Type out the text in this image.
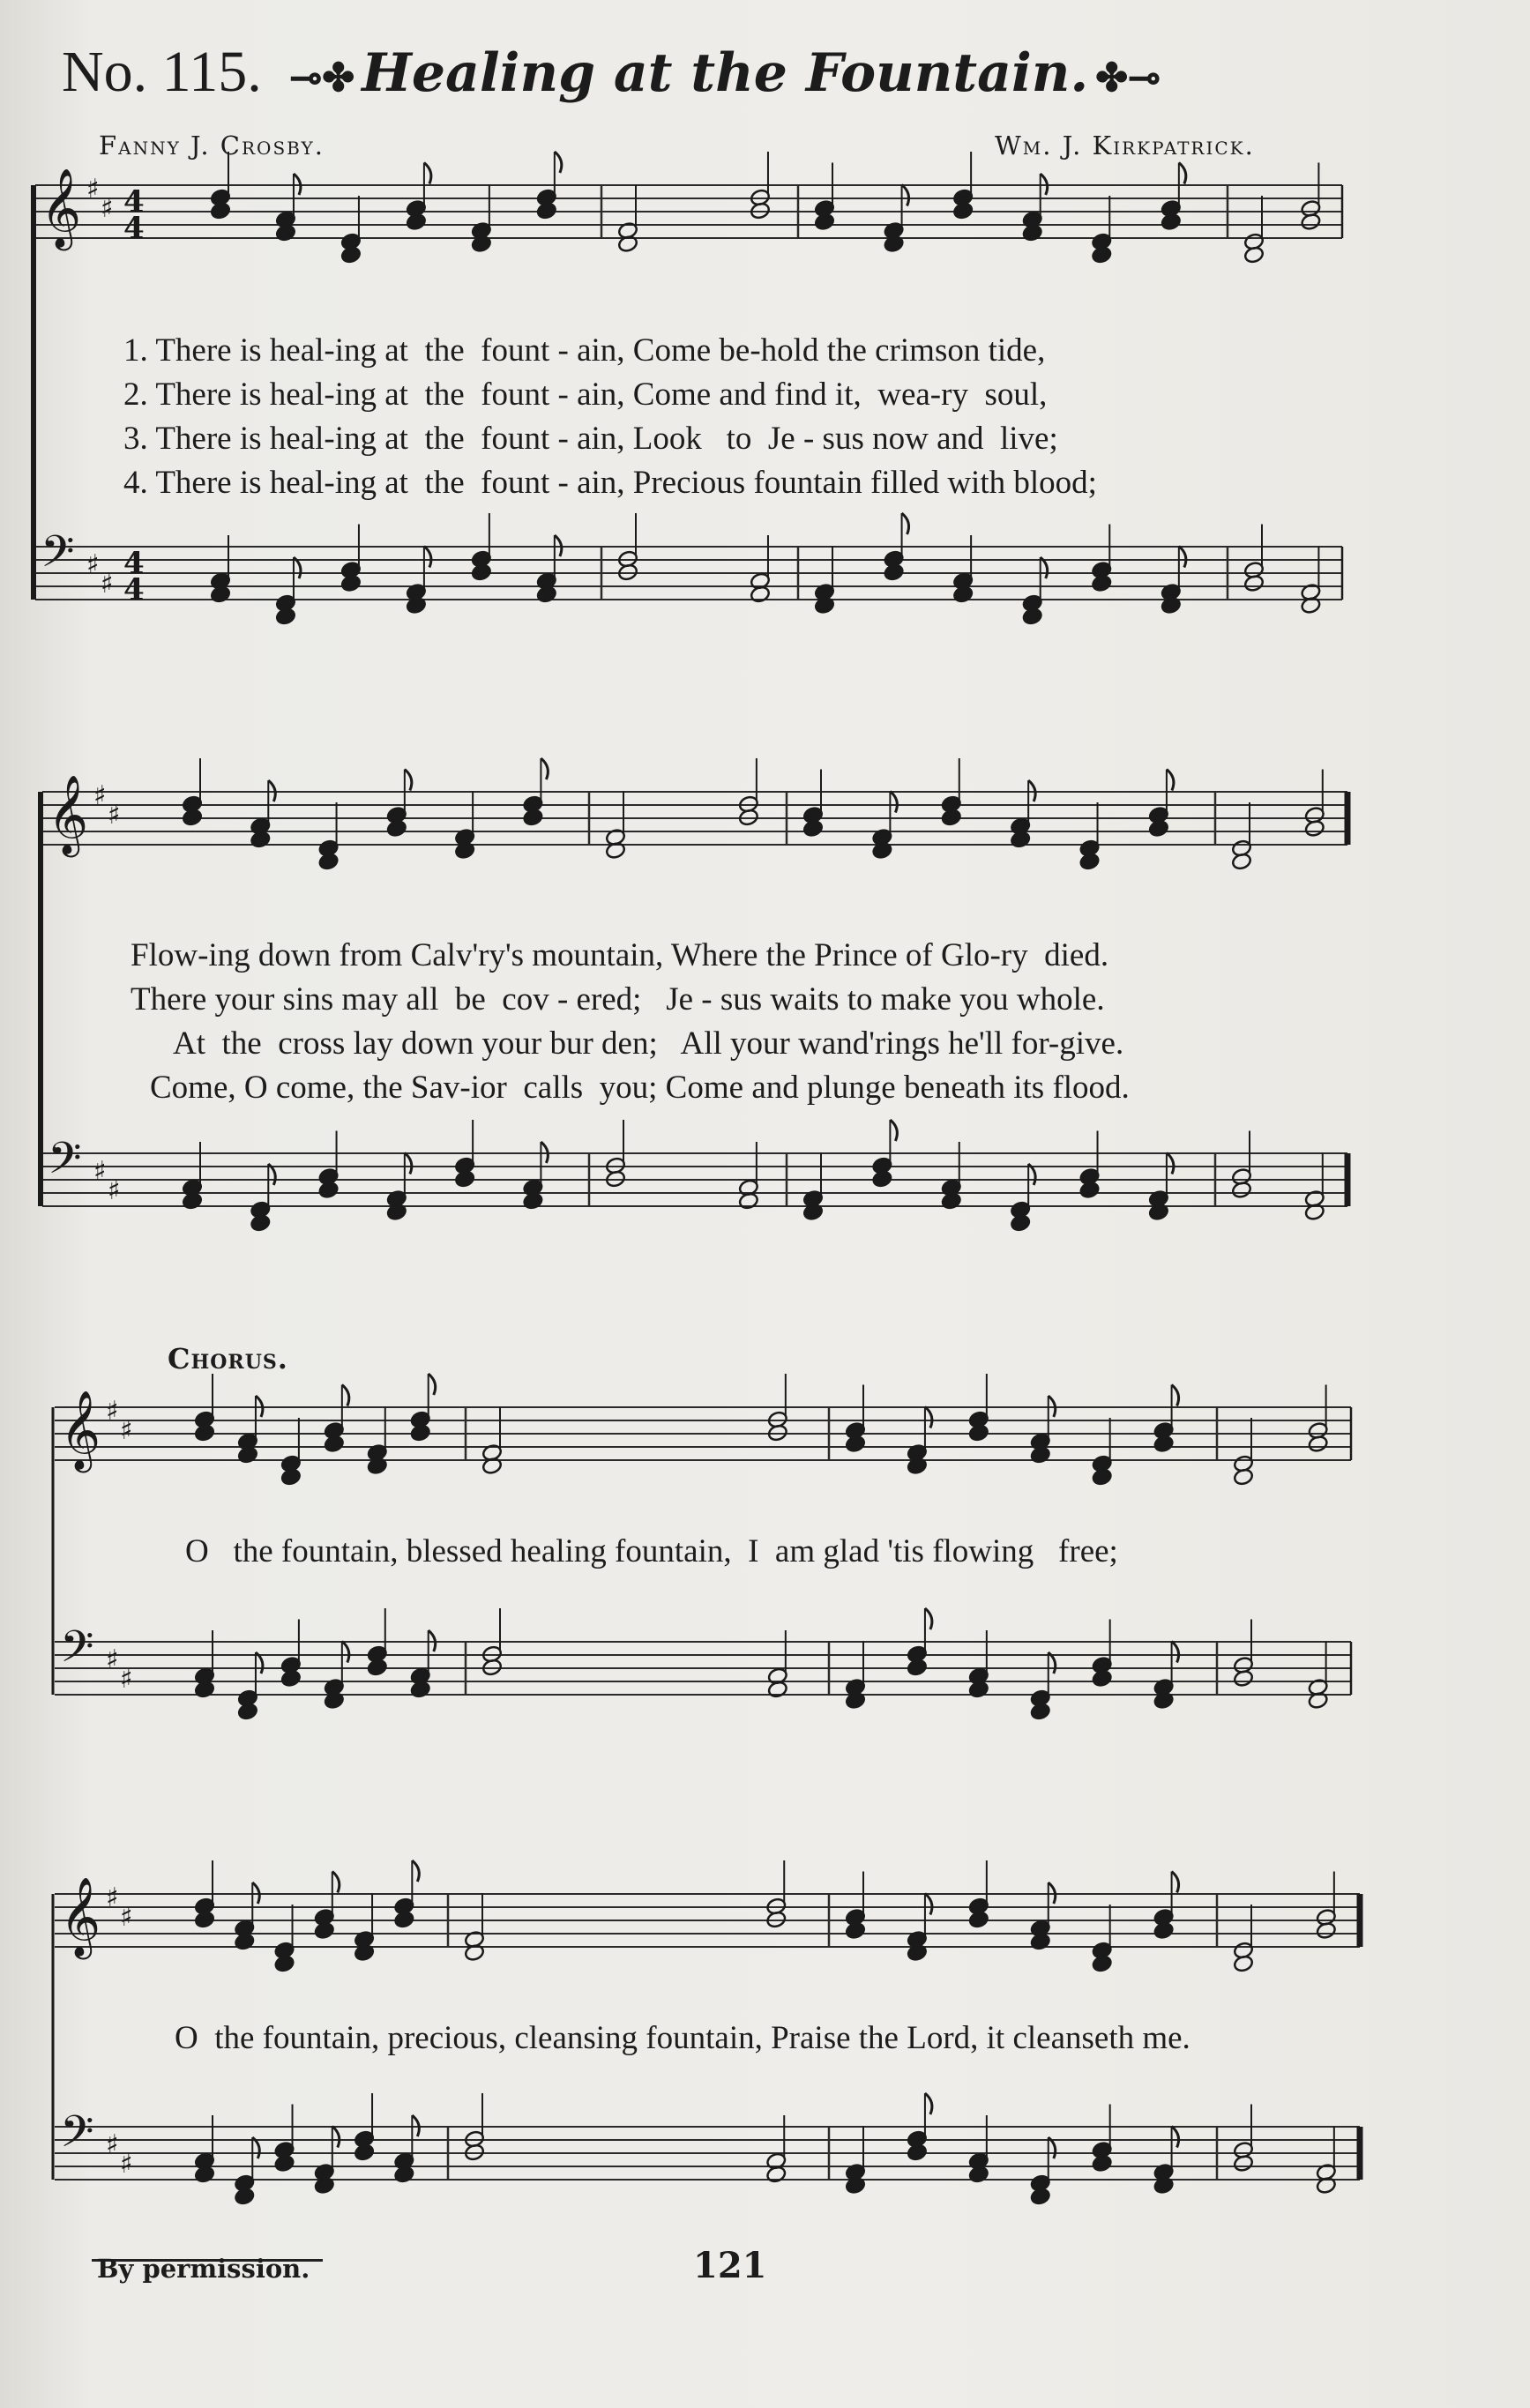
No. 115. ⊸✤ Healing at the Fountain. ✤⊸
Fanny J. Crosby.	Wm. J. Kirkpatrick.
𝄞 ♯
♯ 4
4
𝄢 ♯
♯
4
4
𝄞 ♯
♯
𝄢 ♯
♯
𝄞 ♯
♯
𝄢 ♯
♯
𝄞 ♯
♯
𝄢 ♯
♯
1. There is heal-ing at  the  fount - ain, Come be-hold the crimson tide,
2. There is heal-ing at  the  fount - ain, Come and find it,  wea-ry  soul,
3. There is heal-ing at  the  fount - ain, Look   to  Je - sus now and  live;
4. There is heal-ing at  the  fount - ain, Precious fountain filled with blood;
Flow-ing down from Calv'ry's mountain, Where the Prince of Glo-ry  died.
There your sins may all  be  cov - ered;   Je - sus waits to make you whole.
At  the  cross lay down your bur den;   All your wand'rings he'll for-give.
Come, O come, the Sav-ior  calls  you; Come and plunge beneath its flood.
Chorus.
O   the fountain, blessed healing fountain,  I  am glad 'tis flowing   free;
O  the fountain, precious, cleansing fountain, Praise the Lord, it cleanseth me.
By permission.	121
